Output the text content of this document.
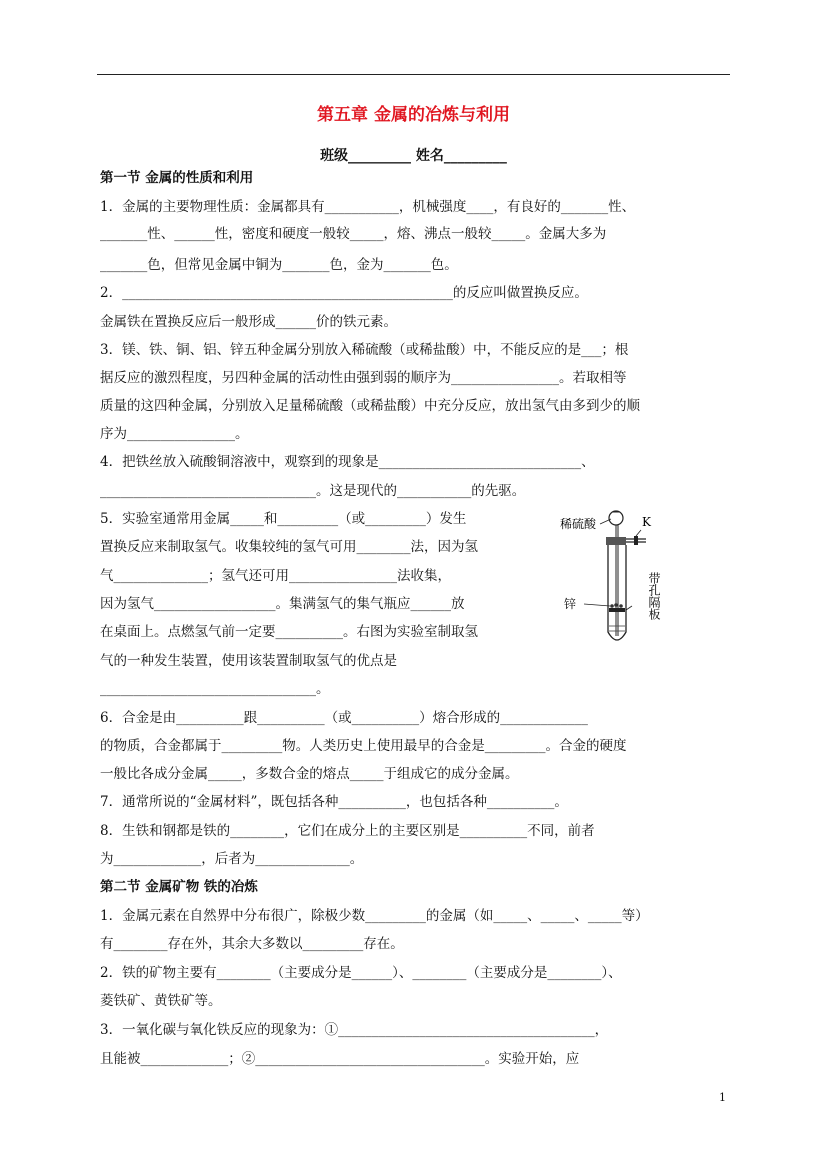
第五章 金属的冶炼与利用
班级_________ 姓名_________
第一节 金属的性质和利用
1．金属的主要物理性质：金属都具有___________，机械强度____，有良好的_______性、
_______性、______性，密度和硬度一般较_____，熔、沸点一般较_____。金属大多为
_______色，但常见金属中铜为_______色，金为_______色。
2．_________________________________________________的反应叫做置换反应。
金属铁在置换反应后一般形成______价的铁元素。
3．镁、铁、铜、铝、锌五种金属分别放入稀硫酸（或稀盐酸）中，不能反应的是___；根
据反应的激烈程度，另四种金属的活动性由强到弱的顺序为________________。若取相等
质量的这四种金属，分别放入足量稀硫酸（或稀盐酸）中充分反应，放出氢气由多到少的顺
序为________________。
4．把铁丝放入硫酸铜溶液中，观察到的现象是______________________________、
________________________________。这是现代的___________的先驱。
5．实验室通常用金属_____和_________（或_________）发生
置换反应来制取氢气。收集较纯的氢气可用________法，因为氢
气______________；氢气还可用________________法收集，
因为氢气__________________。集满氢气的集气瓶应______放
在桌面上。点燃氢气前一定要__________。右图为实验室制取氢
气的一种发生装置，使用该装置制取氢气的优点是
________________________________。
6．合金是由__________跟__________（或__________）熔合形成的_____________
的物质，合金都属于_________物。人类历史上使用最早的合金是_________。合金的硬度
一般比各成分金属_____，多数合金的熔点_____于组成它的成分金属。
7．通常所说的“金属材料”，既包括各种__________，也包括各种__________。
8．生铁和钢都是铁的________，它们在成分上的主要区别是__________不同，前者
为_____________，后者为______________。
第二节 金属矿物 铁的冶炼
1．金属元素在自然界中分布很广，除极少数_________的金属（如_____、_____、_____等）
有________存在外，其余大多数以_________存在。
2．铁的矿物主要有________（主要成分是______）、________（主要成分是________）、
菱铁矿、黄铁矿等。
3．一氧化碳与氧化铁反应的现象为：①______________________________________，
且能被_____________；②__________________________________。实验开始，应
稀硫酸	K
锌	带孔隔板
1
